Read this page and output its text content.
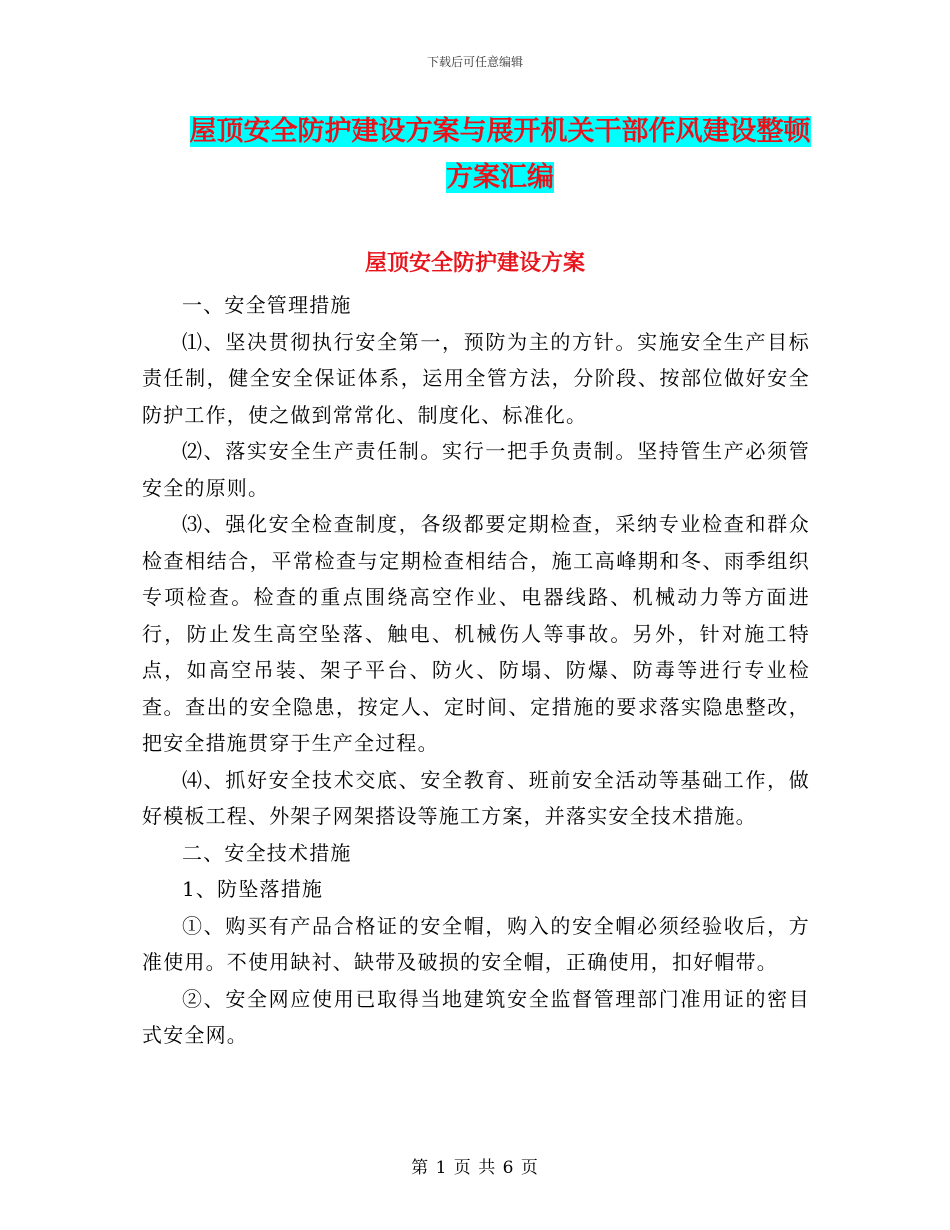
下载后可任意编辑
屋顶安全防护建设方案与展开机关干部作风建设整顿
方案汇编
屋顶安全防护建设方案

一、安全管理措施

⑴、坚决贯彻执行安全第一，预防为主的方针。实施安全生产目标责任制，健全安全保证体系，运用全管方法，分阶段、按部位做好安全防护工作，使之做到常常化、制度化、标准化。

⑵、落实安全生产责任制。实行一把手负责制。坚持管生产必须管安全的原则。

⑶、强化安全检查制度，各级都要定期检查，采纳专业检查和群众检查相结合，平常检查与定期检查相结合，施工高峰期和冬、雨季组织专项检查。检查的重点围绕高空作业、电器线路、机械动力等方面进行，防止发生高空坠落、触电、机械伤人等事故。另外，针对施工特点，如高空吊装、架子平台、防火、防塌、防爆、防毒等进行专业检查。查出的安全隐患，按定人、定时间、定措施的要求落实隐患整改，把安全措施贯穿于生产全过程。

⑷、抓好安全技术交底、安全教育、班前安全活动等基础工作，做好模板工程、外架子网架搭设等施工方案，并落实安全技术措施。

二、安全技术措施

1、防坠落措施

①、购买有产品合格证的安全帽，购入的安全帽必须经验收后，方准使用。不使用缺衬、缺带及破损的安全帽，正确使用，扣好帽带。

②、安全网应使用已取得当地建筑安全监督管理部门准用证的密目式安全网。

第 1 页 共 6 页
